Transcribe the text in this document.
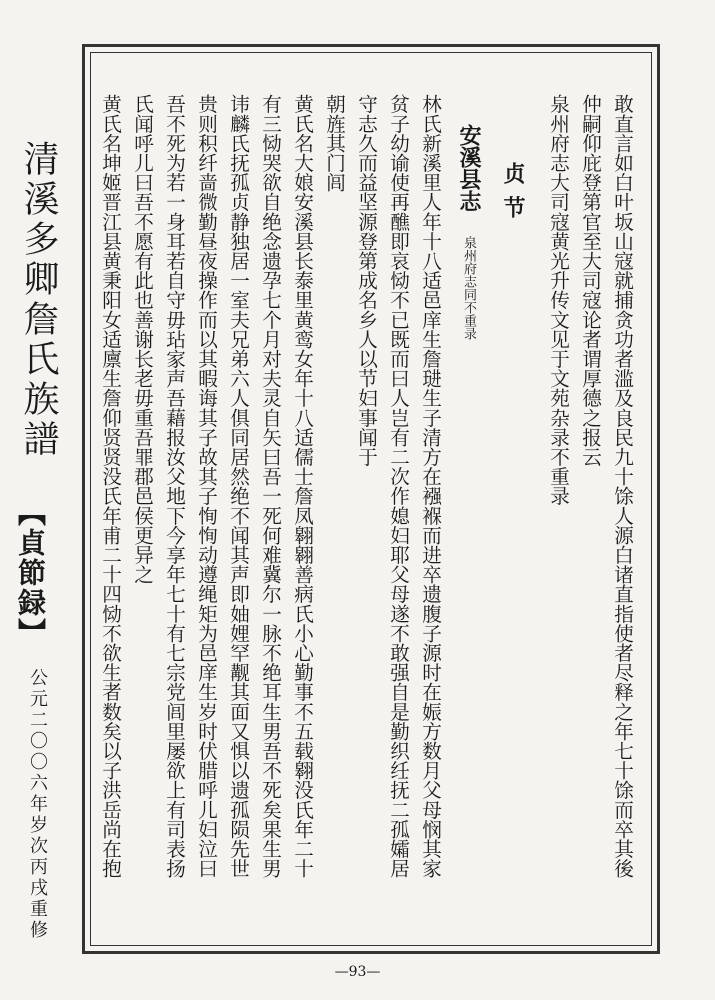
清溪多卿詹氏族譜
【貞節録】
公元二〇〇六年岁次丙戌重修	敢直言如白叶坂山寇就捕贪功者滥及良民九十馀人源白诸直指使者尽释之年七十馀而卒其後
仲嗣仰庇登第官至大司寇论者谓厚德之报云
泉州府志大司寇黄光升传文见于文苑杂录不重录
贞节
安溪县志
泉州府志同不重录
林氏新溪里人年十八适邑庠生詹琎生子清方在襁褓而进卒遗腹子源时在娠方数月父母悯其家
贫子幼谕使再醮即哀恸不已既而曰人岂有二次作媳妇耶父母遂不敢强自是勤织纴抚二孤孀居
守志久而益坚源登第成名乡人以节妇事闻于
朝旌其门闾
黄氏名大娘安溪县长泰里黄鸾女年十八适儒士詹凤翱翱善病氏小心勤事不五载翱没氏年二十
有三恸哭欲自绝念遗孕七个月对夫灵自矢曰吾一死何难冀尔一脉不绝耳生男吾不死矣果生男
讳麟氏抚孤贞静独居一室夫兄弟六人俱同居然绝不闻其声即妯娌罕觏其面又惧以遗孤陨先世
贵则积纤啬微勤昼夜操作而以其暇诲其子故其子恂恂动遵绳矩为邑庠生岁时伏腊呼儿妇泣曰
吾不死为若一身耳若自守毋玷家声吾藉报汝父地下今享年七十有七宗党闾里屡欲上有司表扬
氏闻呼儿曰吾不愿有此也善谢长老毋重吾罪郡邑侯更异之
黄氏名坤姬晋江县黄秉阳女适廪生詹仰贤贤没氏年甫二十四恸不欲生者数矣以子洪岳尚在抱
—93—
